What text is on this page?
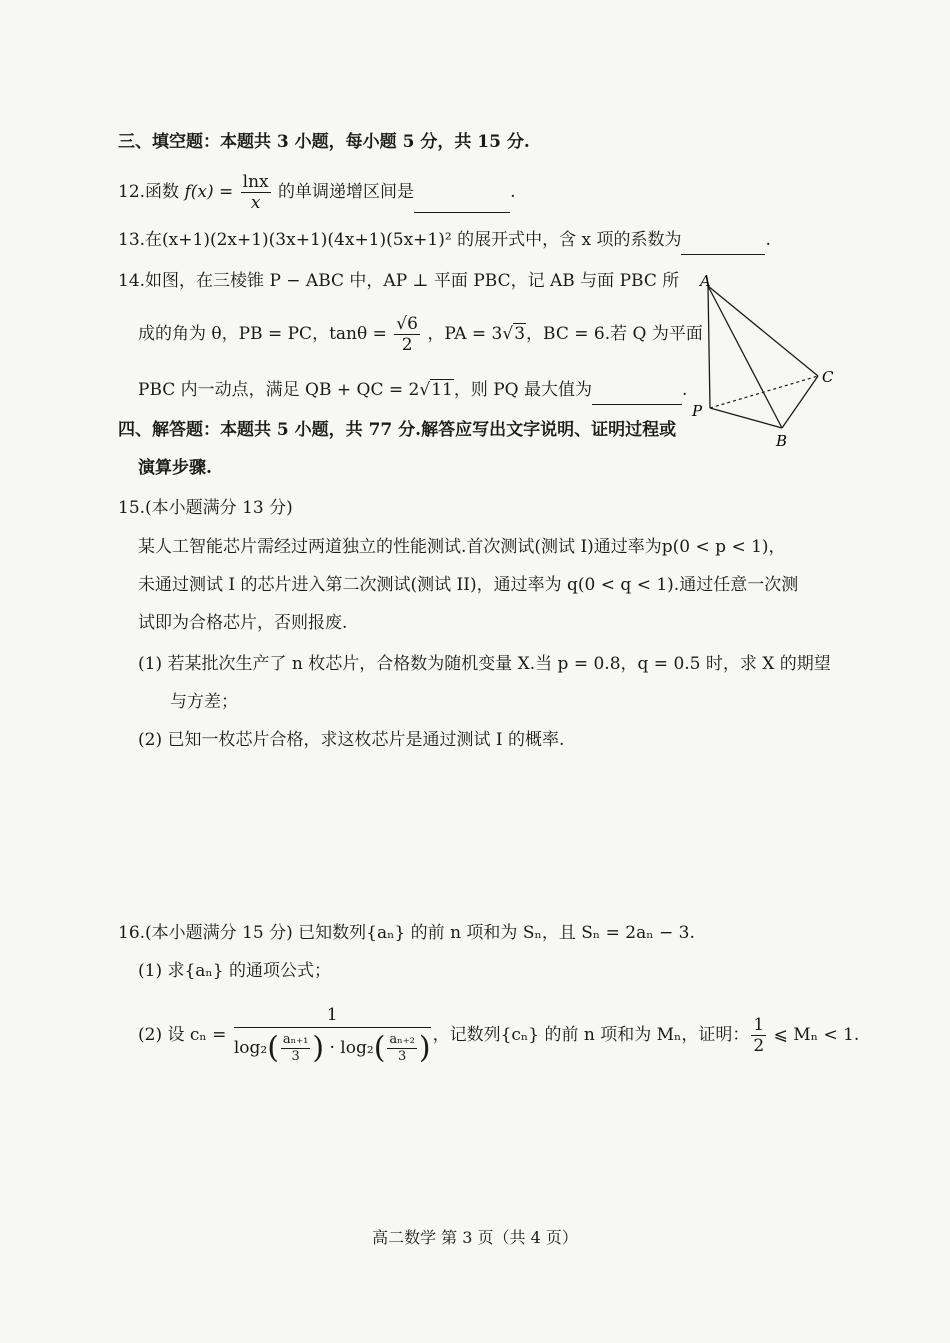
三、填空题：本题共 3 小题，每小题 5 分，共 15 分.
12.函数 $f(x) = \frac{\ln x}{x}$ 的单调递增区间是	.
13.在(x+1)(2x+1)(3x+1)(4x+1)(5x+1)² 的展开式中，含 x 项的系数为	.
14.如图，在三棱锥 P − ABC 中，AP ⊥ 平面 PBC，记 AB 与面 PBC 所
成的角为 θ，PB = PC，$\tan\theta = \frac{√6}{2}$ ，PA = 3√3，BC = 6.若 Q 为平面
PBC 内一动点，满足 QB + QC = 2√11，则 PQ 最大值为	.
A
C
P
B
四、解答题：本题共 5 小题，共 77 分.解答应写出文字说明、证明过程或
演算步骤.
15.(本小题满分 13 分)
某人工智能芯片需经过两道独立的性能测试.首次测试(测试 I)通过率为p(0 < p < 1)，
未通过测试 I 的芯片进入第二次测试(测试 II)，通过率为 q(0 < q < 1).通过任意一次测
试即为合格芯片，否则报废.
(1) 若某批次生产了 n 枚芯片，合格数为随机变量 X.当 p = 0.8，q = 0.5 时，求 X 的期望
与方差；
(2) 已知一枚芯片合格，求这枚芯片是通过测试 I 的概率.
16.(本小题满分 15 分) 已知数列{aₙ} 的前 n 项和为 Sₙ，且 Sₙ = 2aₙ − 3.
(1) 求{aₙ} 的通项公式；
(2) 设 $c_n = \frac{1}{\log_2( \frac{\text{aₙ₊₁}}{3} ) \cdot \log_2( \frac{\text{aₙ₊₂}}{3} )}$ ，记数列{cₙ} 的前 n 项和为 Mₙ，证明： $\frac{1}{2}$ ⩽ Mₙ < 1.
高二数学 第 3 页（共 4 页）
